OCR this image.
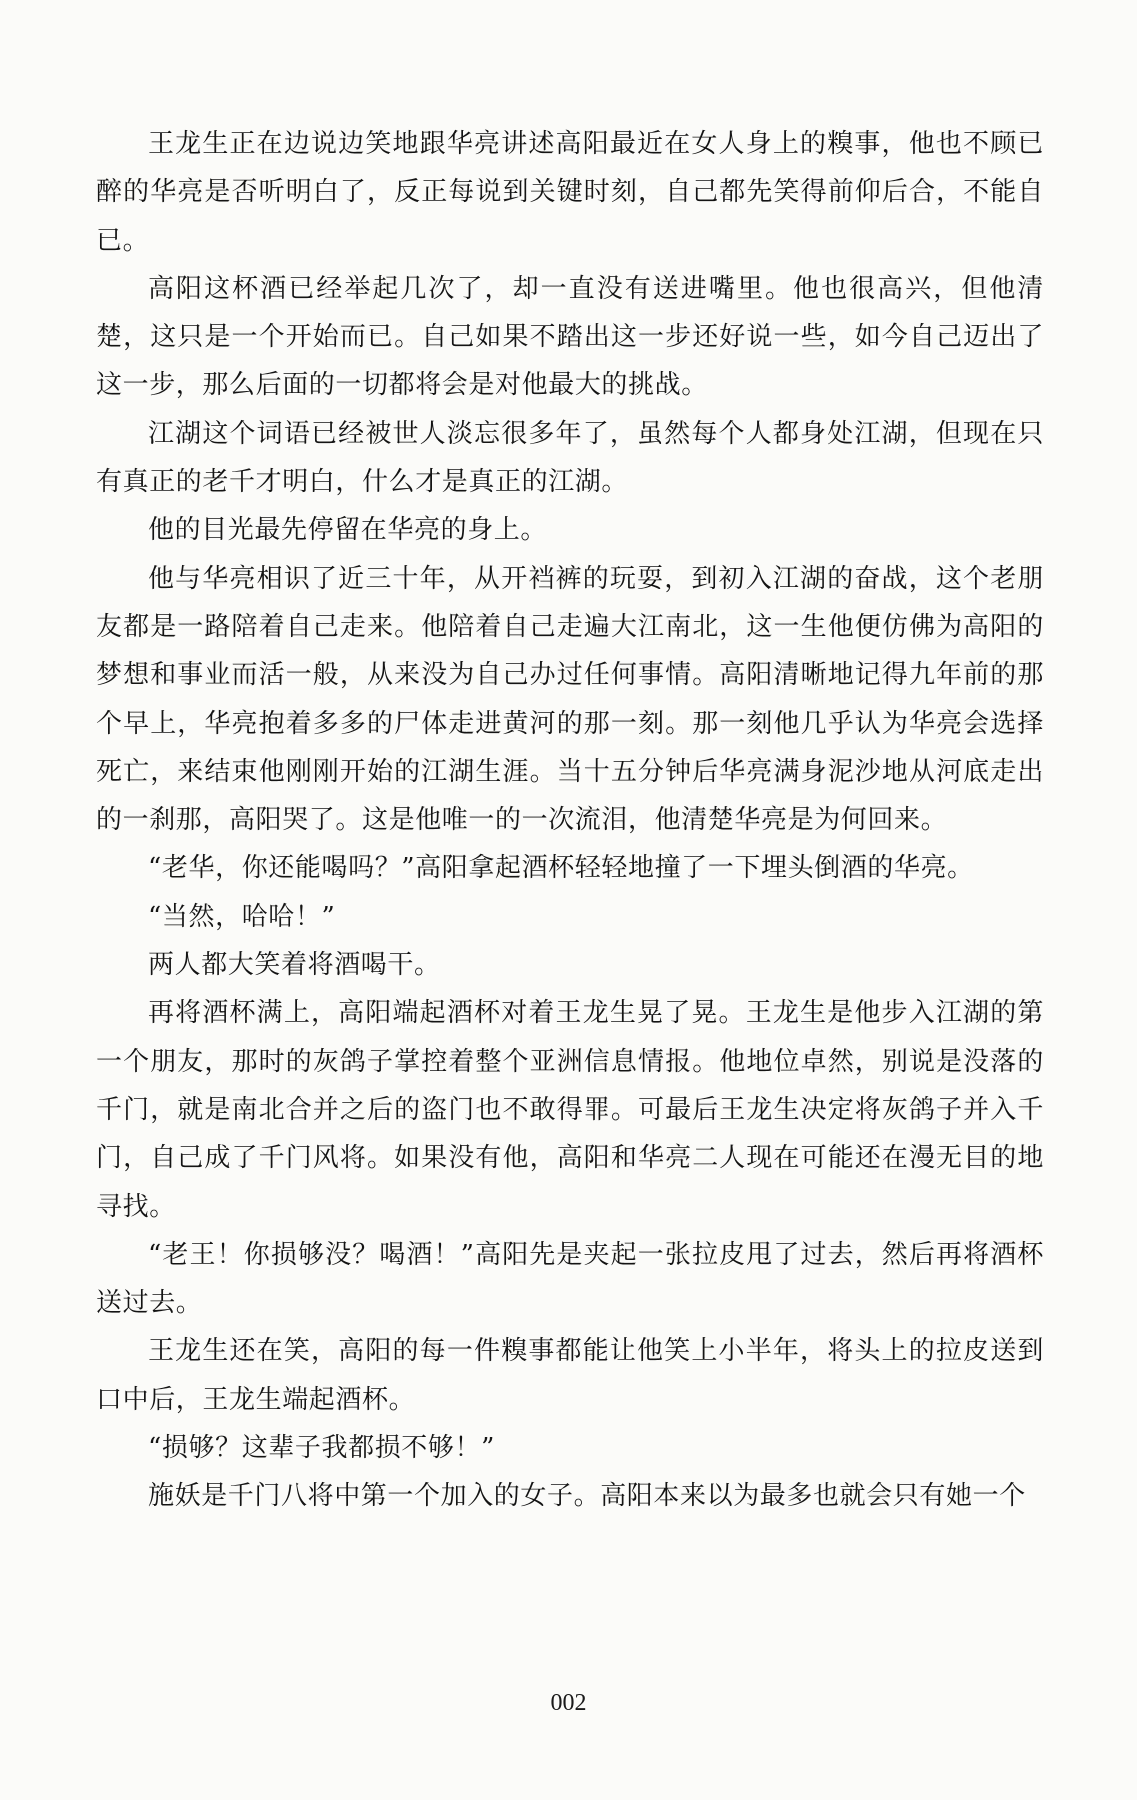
王龙生正在边说边笑地跟华亮讲述高阳最近在女人身上的糗事，他也不顾已醉的华亮是否听明白了，反正每说到关键时刻，自己都先笑得前仰后合，不能自已。

高阳这杯酒已经举起几次了，却一直没有送进嘴里。他也很高兴，但他清楚，这只是一个开始而已。自己如果不踏出这一步还好说一些，如今自己迈出了这一步，那么后面的一切都将会是对他最大的挑战。

江湖这个词语已经被世人淡忘很多年了，虽然每个人都身处江湖，但现在只有真正的老千才明白，什么才是真正的江湖。

他的目光最先停留在华亮的身上。

他与华亮相识了近三十年，从开裆裤的玩耍，到初入江湖的奋战，这个老朋友都是一路陪着自己走来。他陪着自己走遍大江南北，这一生他便仿佛为高阳的梦想和事业而活一般，从来没为自己办过任何事情。高阳清晰地记得九年前的那个早上，华亮抱着多多的尸体走进黄河的那一刻。那一刻他几乎认为华亮会选择死亡，来结束他刚刚开始的江湖生涯。当十五分钟后华亮满身泥沙地从河底走出的一刹那，高阳哭了。这是他唯一的一次流泪，他清楚华亮是为何回来。

“老华，你还能喝吗？”高阳拿起酒杯轻轻地撞了一下埋头倒酒的华亮。

“当然，哈哈！”

两人都大笑着将酒喝干。

再将酒杯满上，高阳端起酒杯对着王龙生晃了晃。王龙生是他步入江湖的第一个朋友，那时的灰鸽子掌控着整个亚洲信息情报。他地位卓然，别说是没落的千门，就是南北合并之后的盗门也不敢得罪。可最后王龙生决定将灰鸽子并入千门，自己成了千门风将。如果没有他，高阳和华亮二人现在可能还在漫无目的地寻找。

“老王！你损够没？喝酒！”高阳先是夹起一张拉皮甩了过去，然后再将酒杯送过去。

王龙生还在笑，高阳的每一件糗事都能让他笑上小半年，将头上的拉皮送到口中后，王龙生端起酒杯。

“损够？这辈子我都损不够！”

施妖是千门八将中第一个加入的女子。高阳本来以为最多也就会只有她一个

002
